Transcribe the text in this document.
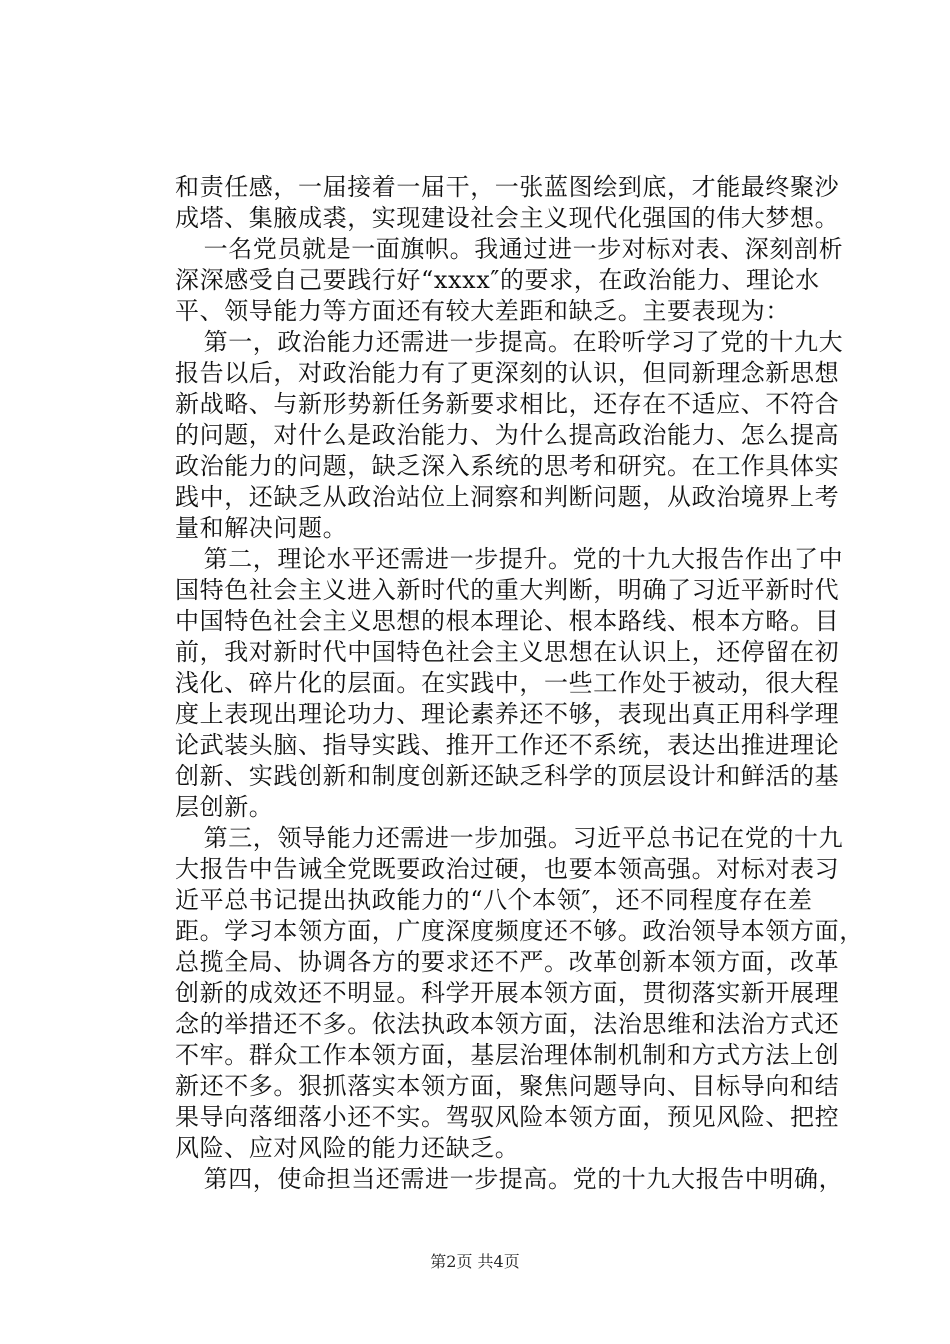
和责任感，一届接着一届干，一张蓝图绘到底，才能最终聚沙
成塔、集腋成裘，实现建设社会主义现代化强国的伟大梦想。
　一名党员就是一面旗帜。我通过进一步对标对表、深刻剖析
深深感受自己要践行好“xxxx″的要求，在政治能力、理论水
平、领导能力等方面还有较大差距和缺乏。主要表现为：
　第一，政治能力还需进一步提高。在聆听学习了党的十九大
报告以后，对政治能力有了更深刻的认识，但同新理念新思想
新战略、与新形势新任务新要求相比，还存在不适应、不符合
的问题，对什么是政治能力、为什么提高政治能力、怎么提高
政治能力的问题，缺乏深入系统的思考和研究。在工作具体实
践中，还缺乏从政治站位上洞察和判断问题，从政治境界上考
量和解决问题。
　第二，理论水平还需进一步提升。党的十九大报告作出了中
国特色社会主义进入新时代的重大判断，明确了习近平新时代
中国特色社会主义思想的根本理论、根本路线、根本方略。目
前，我对新时代中国特色社会主义思想在认识上，还停留在初
浅化、碎片化的层面。在实践中，一些工作处于被动，很大程
度上表现出理论功力、理论素养还不够，表现出真正用科学理
论武装头脑、指导实践、推开工作还不系统，表达出推进理论
创新、实践创新和制度创新还缺乏科学的顶层设计和鲜活的基
层创新。
　第三，领导能力还需进一步加强。习近平总书记在党的十九
大报告中告诫全党既要政治过硬，也要本领高强。对标对表习
近平总书记提出执政能力的“八个本领″，还不同程度存在差
距。学习本领方面，广度深度频度还不够。政治领导本领方面，
总揽全局、协调各方的要求还不严。改革创新本领方面，改革
创新的成效还不明显。科学开展本领方面，贯彻落实新开展理
念的举措还不多。依法执政本领方面，法治思维和法治方式还
不牢。群众工作本领方面，基层治理体制机制和方式方法上创
新还不多。狠抓落实本领方面，聚焦问题导向、目标导向和结
果导向落细落小还不实。驾驭风险本领方面，预见风险、把控
风险、应对风险的能力还缺乏。
　第四，使命担当还需进一步提高。党的十九大报告中明确，
第2页 共4页
